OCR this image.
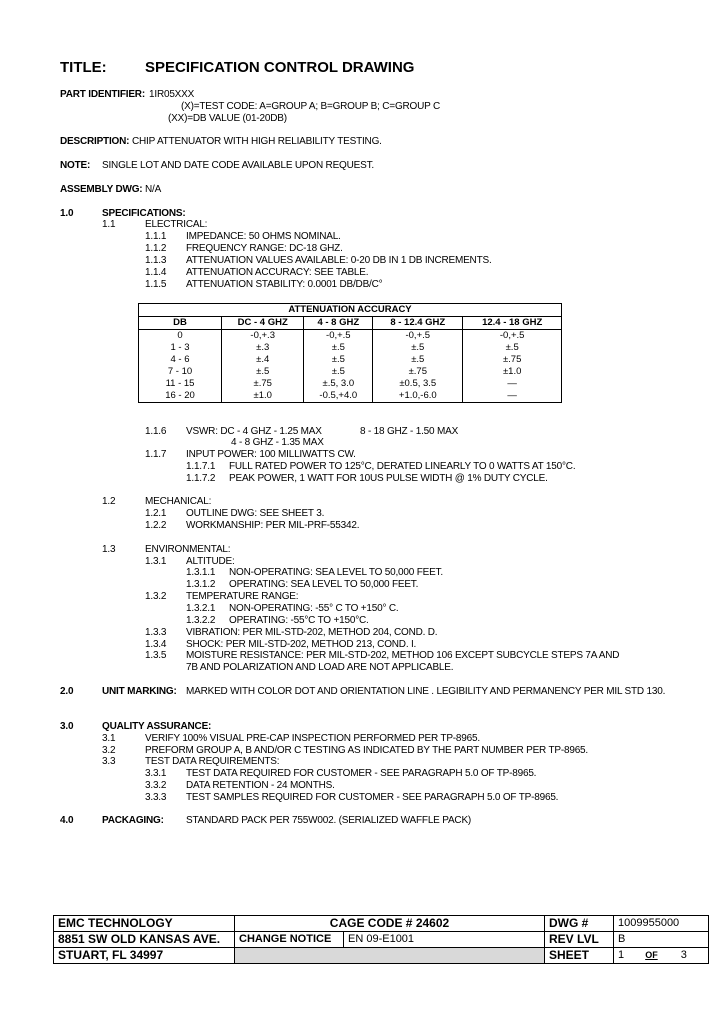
TITLE:	SPECIFICATION CONTROL DRAWING
PART IDENTIFIER: 1IR05XXX
(X)=TEST CODE: A=GROUP A; B=GROUP B; C=GROUP C
(XX)=DB VALUE (01-20DB)
DESCRIPTION: CHIP ATTENUATOR WITH HIGH RELIABILITY TESTING.
NOTE: SINGLE LOT AND DATE CODE AVAILABLE UPON REQUEST.
ASSEMBLY DWG: N/A
1.0	SPECIFICATIONS:
1.1	ELECTRICAL:
1.1.1 IMPEDANCE: 50 OHMS NOMINAL.
1.1.2 FREQUENCY RANGE: DC-18 GHZ.
1.1.3 ATTENUATION VALUES AVAILABLE: 0-20 DB IN 1 DB INCREMENTS.
1.1.4 ATTENUATION ACCURACY: SEE TABLE.
1.1.5 ATTENUATION STABILITY: 0.0001 DB/DB/C°
ATTENUATION ACCURACY				
DB	DC - 4 GHZ	4 - 8 GHZ	8 - 12.4 GHZ	12.4 - 18 GHZ
0	-0,+.3	-0,+.5	-0,+.5	-0,+.5
1 - 3	±.3	±.5	±.5	±.5
4 - 6	±.4	±.5	±.5	±.75
7 - 10	±.5	±.5	±.75	±1.0
11 - 15	±.75	±.5, 3.0	±0.5, 3.5	—
16 - 20	±1.0	-0.5,+4.0	+1.0,-6.0	—
1.1.6 VSWR: DC - 4 GHZ - 1.25 MAX	8 - 18 GHZ - 1.50 MAX
4 - 8 GHZ - 1.35 MAX
1.1.7 INPUT POWER: 100 MILLIWATTS CW.
1.1.7.1 FULL RATED POWER TO 125°C, DERATED LINEARLY TO 0 WATTS AT 150°C.
1.1.7.2 PEAK POWER, 1 WATT FOR 10US PULSE WIDTH @ 1% DUTY CYCLE.
1.2	MECHANICAL:
1.2.1 OUTLINE DWG: SEE SHEET 3.
1.2.2 WORKMANSHIP: PER MIL-PRF-55342.
1.3	ENVIRONMENTAL:
1.3.1 ALTITUDE:
1.3.1.1 NON-OPERATING: SEA LEVEL TO 50,000 FEET.
1.3.1.2 OPERATING: SEA LEVEL TO 50,000 FEET.
1.3.2 TEMPERATURE RANGE:
1.3.2.1 NON-OPERATING: -55° C TO +150° C.
1.3.2.2 OPERATING: -55°C TO +150°C.
1.3.3 VIBRATION: PER MIL-STD-202, METHOD 204, COND. D.
1.3.4 SHOCK: PER MIL-STD-202, METHOD 213, COND. I.
1.3.5 MOISTURE RESISTANCE: PER MIL-STD-202, METHOD 106 EXCEPT SUBCYCLE STEPS 7A AND
7B AND POLARIZATION AND LOAD ARE NOT APPLICABLE.
2.0	UNIT MARKING: MARKED WITH COLOR DOT AND ORIENTATION LINE . LEGIBILITY AND PERMANENCY PER MIL STD 130.
3.0	QUALITY ASSURANCE:
3.1	VERIFY 100% VISUAL PRE-CAP INSPECTION PERFORMED PER TP-8965.
3.2	PREFORM GROUP A, B AND/OR C TESTING AS INDICATED BY THE PART NUMBER PER TP-8965.
3.3	TEST DATA REQUIREMENTS:
3.3.1 TEST DATA REQUIRED FOR CUSTOMER - SEE PARAGRAPH 5.0 OF TP-8965.
3.3.2 DATA RETENTION - 24 MONTHS.
3.3.3 TEST SAMPLES REQUIRED FOR CUSTOMER - SEE PARAGRAPH 5.0 OF TP-8965.
4.0	PACKAGING: STANDARD PACK PER 755W002. (SERIALIZED WAFFLE PACK)
EMC TECHNOLOGY	CAGE CODE # 24602		DWG #	1009955000
8851 SW OLD KANSAS AVE.	CHANGE NOTICE	EN 09-E1001	REV LVL	B
STUART, FL 34997			SHEET	1 OF 3
